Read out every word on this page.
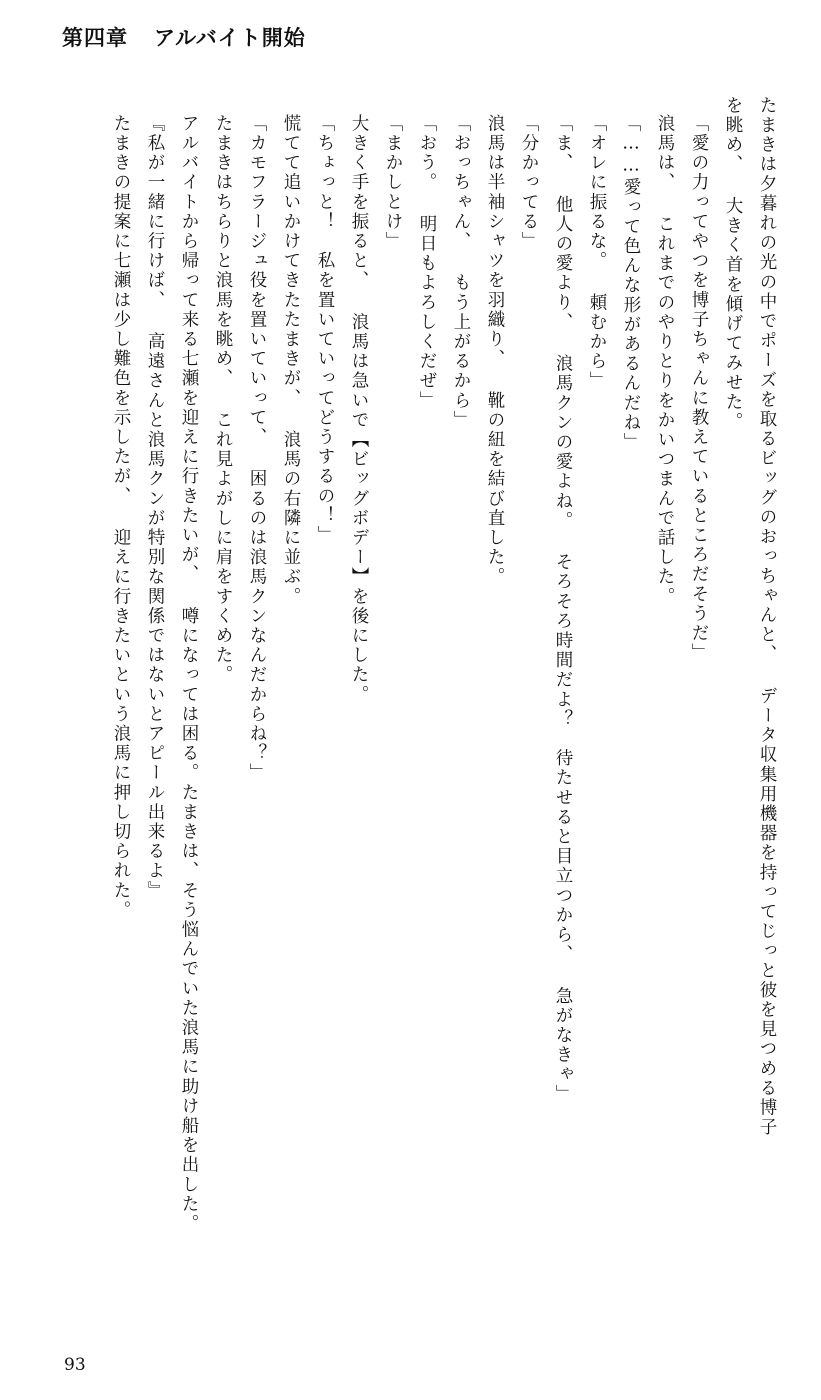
第四章 アルバイト開始
たまきは夕暮れの光の中でポーズを取るビッグのおっちゃんと、 データ収集用機器を持ってじっと彼を見つめる博子
を眺め、 大きく首を傾げてみせた。
「愛の力ってやつを博子ちゃんに教えているところだそうだ」
浪馬は、 これまでのやりとりをかいつまんで話した。
「……愛って色んな形があるんだね」
「オレに振るな。 頼むから」
「ま、 他人の愛より、 浪馬クンの愛よね。 そろそろ時間だよ？　待たせると目立つから、 急がなきゃ」
「分かってる」
浪馬は半袖シャツを羽織り、 靴の紐を結び直した。
「おっちゃん、 もう上がるから」
「おう。 明日もよろしくだぜ」
「まかしとけ」
大きく手を振ると、 浪馬は急いで【ビッグボデー】を後にした。
「ちょっと！　私を置いていってどうするの！」
慌てて追いかけてきたたまきが、 浪馬の右隣に並ぶ。
「カモフラージュ役を置いていって、 困るのは浪馬クンなんだからね？」
たまきはちらりと浪馬を眺め、 これ見よがしに肩をすくめた。
アルバイトから帰って来る七瀬を迎えに行きたいが、 噂になっては困る。たまきは、そう悩んでいた浪馬に助け船を出した。
『私が一緒に行けば、 高遠さんと浪馬クンが特別な関係ではないとアピール出来るよ』
たまきの提案に七瀬は少し難色を示したが、 迎えに行きたいという浪馬に押し切られた。
93
